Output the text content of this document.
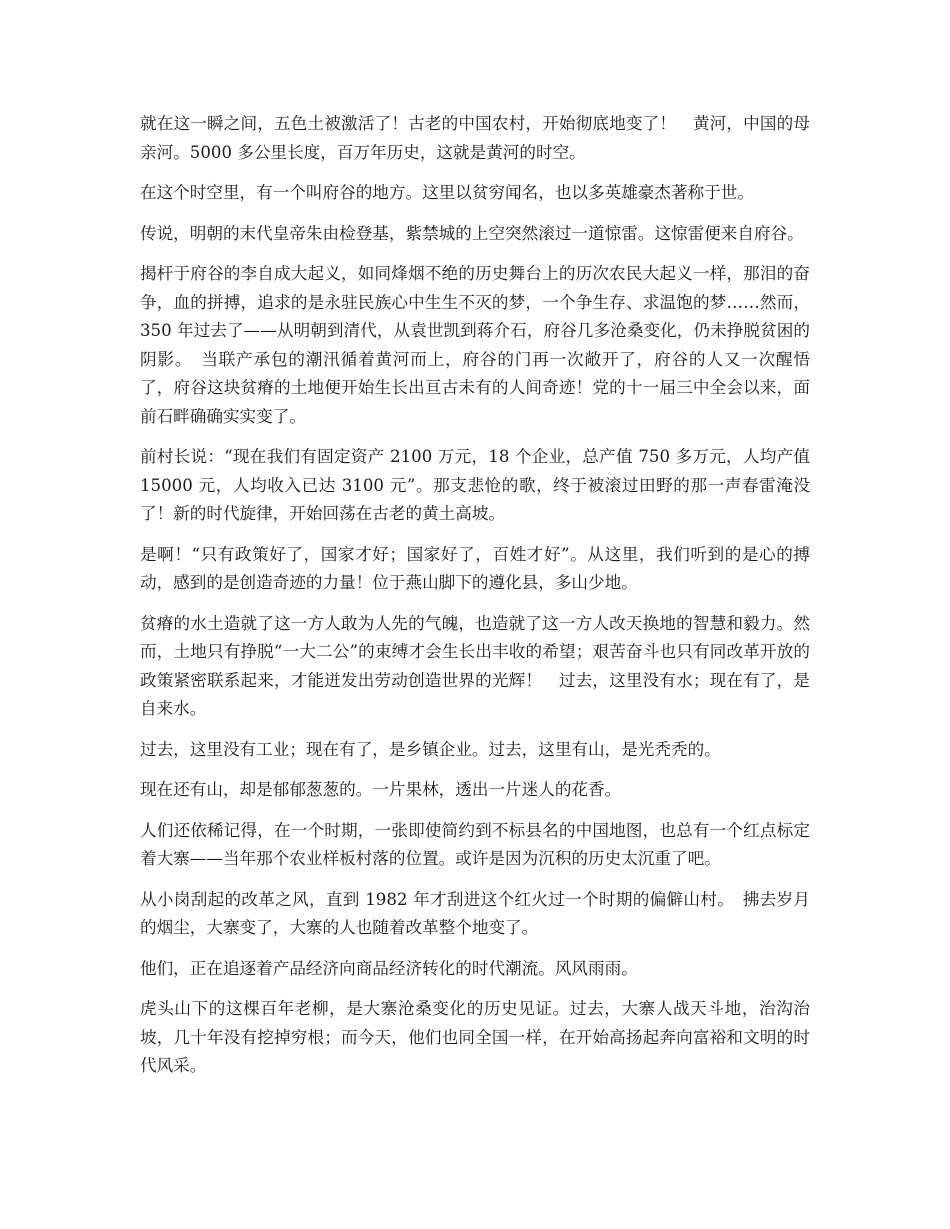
就在这一瞬之间，五色土被激活了！古老的中国农村，开始彻底地变了！　黄河，中国的母亲河。5000 多公里长度，百万年历史，这就是黄河的时空。

在这个时空里，有一个叫府谷的地方。这里以贫穷闻名，也以多英雄豪杰著称于世。

传说，明朝的末代皇帝朱由检登基，紫禁城的上空突然滚过一道惊雷。这惊雷便来自府谷。

揭杆于府谷的李自成大起义，如同烽烟不绝的历史舞台上的历次农民大起义一样，那泪的奋争，血的拼搏，追求的是永驻民族心中生生不灭的梦，一个争生存、求温饱的梦……然而，350 年过去了——从明朝到清代，从袁世凯到蒋介石，府谷几多沧桑变化，仍未挣脱贫困的阴影。　当联产承包的潮汛循着黄河而上，府谷的门再一次敞开了，府谷的人又一次醒悟了，府谷这块贫瘠的土地便开始生长出亘古未有的人间奇迹！党的十一届三中全会以来，面前石畔确确实实变了。

前村长说：“现在我们有固定资产 2100 万元，18 个企业，总产值 750 多万元，人均产值 15000 元，人均收入已达 3100 元”。那支悲怆的歌，终于被滚过田野的那一声春雷淹没了！新的时代旋律，开始回荡在古老的黄土高坡。

是啊！“只有政策好了，国家才好；国家好了，百姓才好”。从这里，我们听到的是心的搏动，感到的是创造奇迹的力量！位于燕山脚下的遵化县，多山少地。

贫瘠的水土造就了这一方人敢为人先的气魄，也造就了这一方人改天换地的智慧和毅力。然而，土地只有挣脱“一大二公”的束缚才会生长出丰收的希望；艰苦奋斗也只有同改革开放的政策紧密联系起来，才能迸发出劳动创造世界的光辉！　过去，这里没有水；现在有了，是自来水。

过去，这里没有工业；现在有了，是乡镇企业。过去，这里有山，是光秃秃的。

现在还有山，却是郁郁葱葱的。一片果林，透出一片迷人的花香。

人们还依稀记得，在一个时期，一张即使简约到不标县名的中国地图，也总有一个红点标定着大寨——当年那个农业样板村落的位置。或许是因为沉积的历史太沉重了吧。

从小岗刮起的改革之风，直到 1982 年才刮进这个红火过一个时期的偏僻山村。　拂去岁月的烟尘，大寨变了，大寨的人也随着改革整个地变了。

他们，正在追逐着产品经济向商品经济转化的时代潮流。风风雨雨。

虎头山下的这棵百年老柳，是大寨沧桑变化的历史见证。过去，大寨人战天斗地，治沟治坡，几十年没有挖掉穷根；而今天，他们也同全国一样，在开始高扬起奔向富裕和文明的时代风采。
